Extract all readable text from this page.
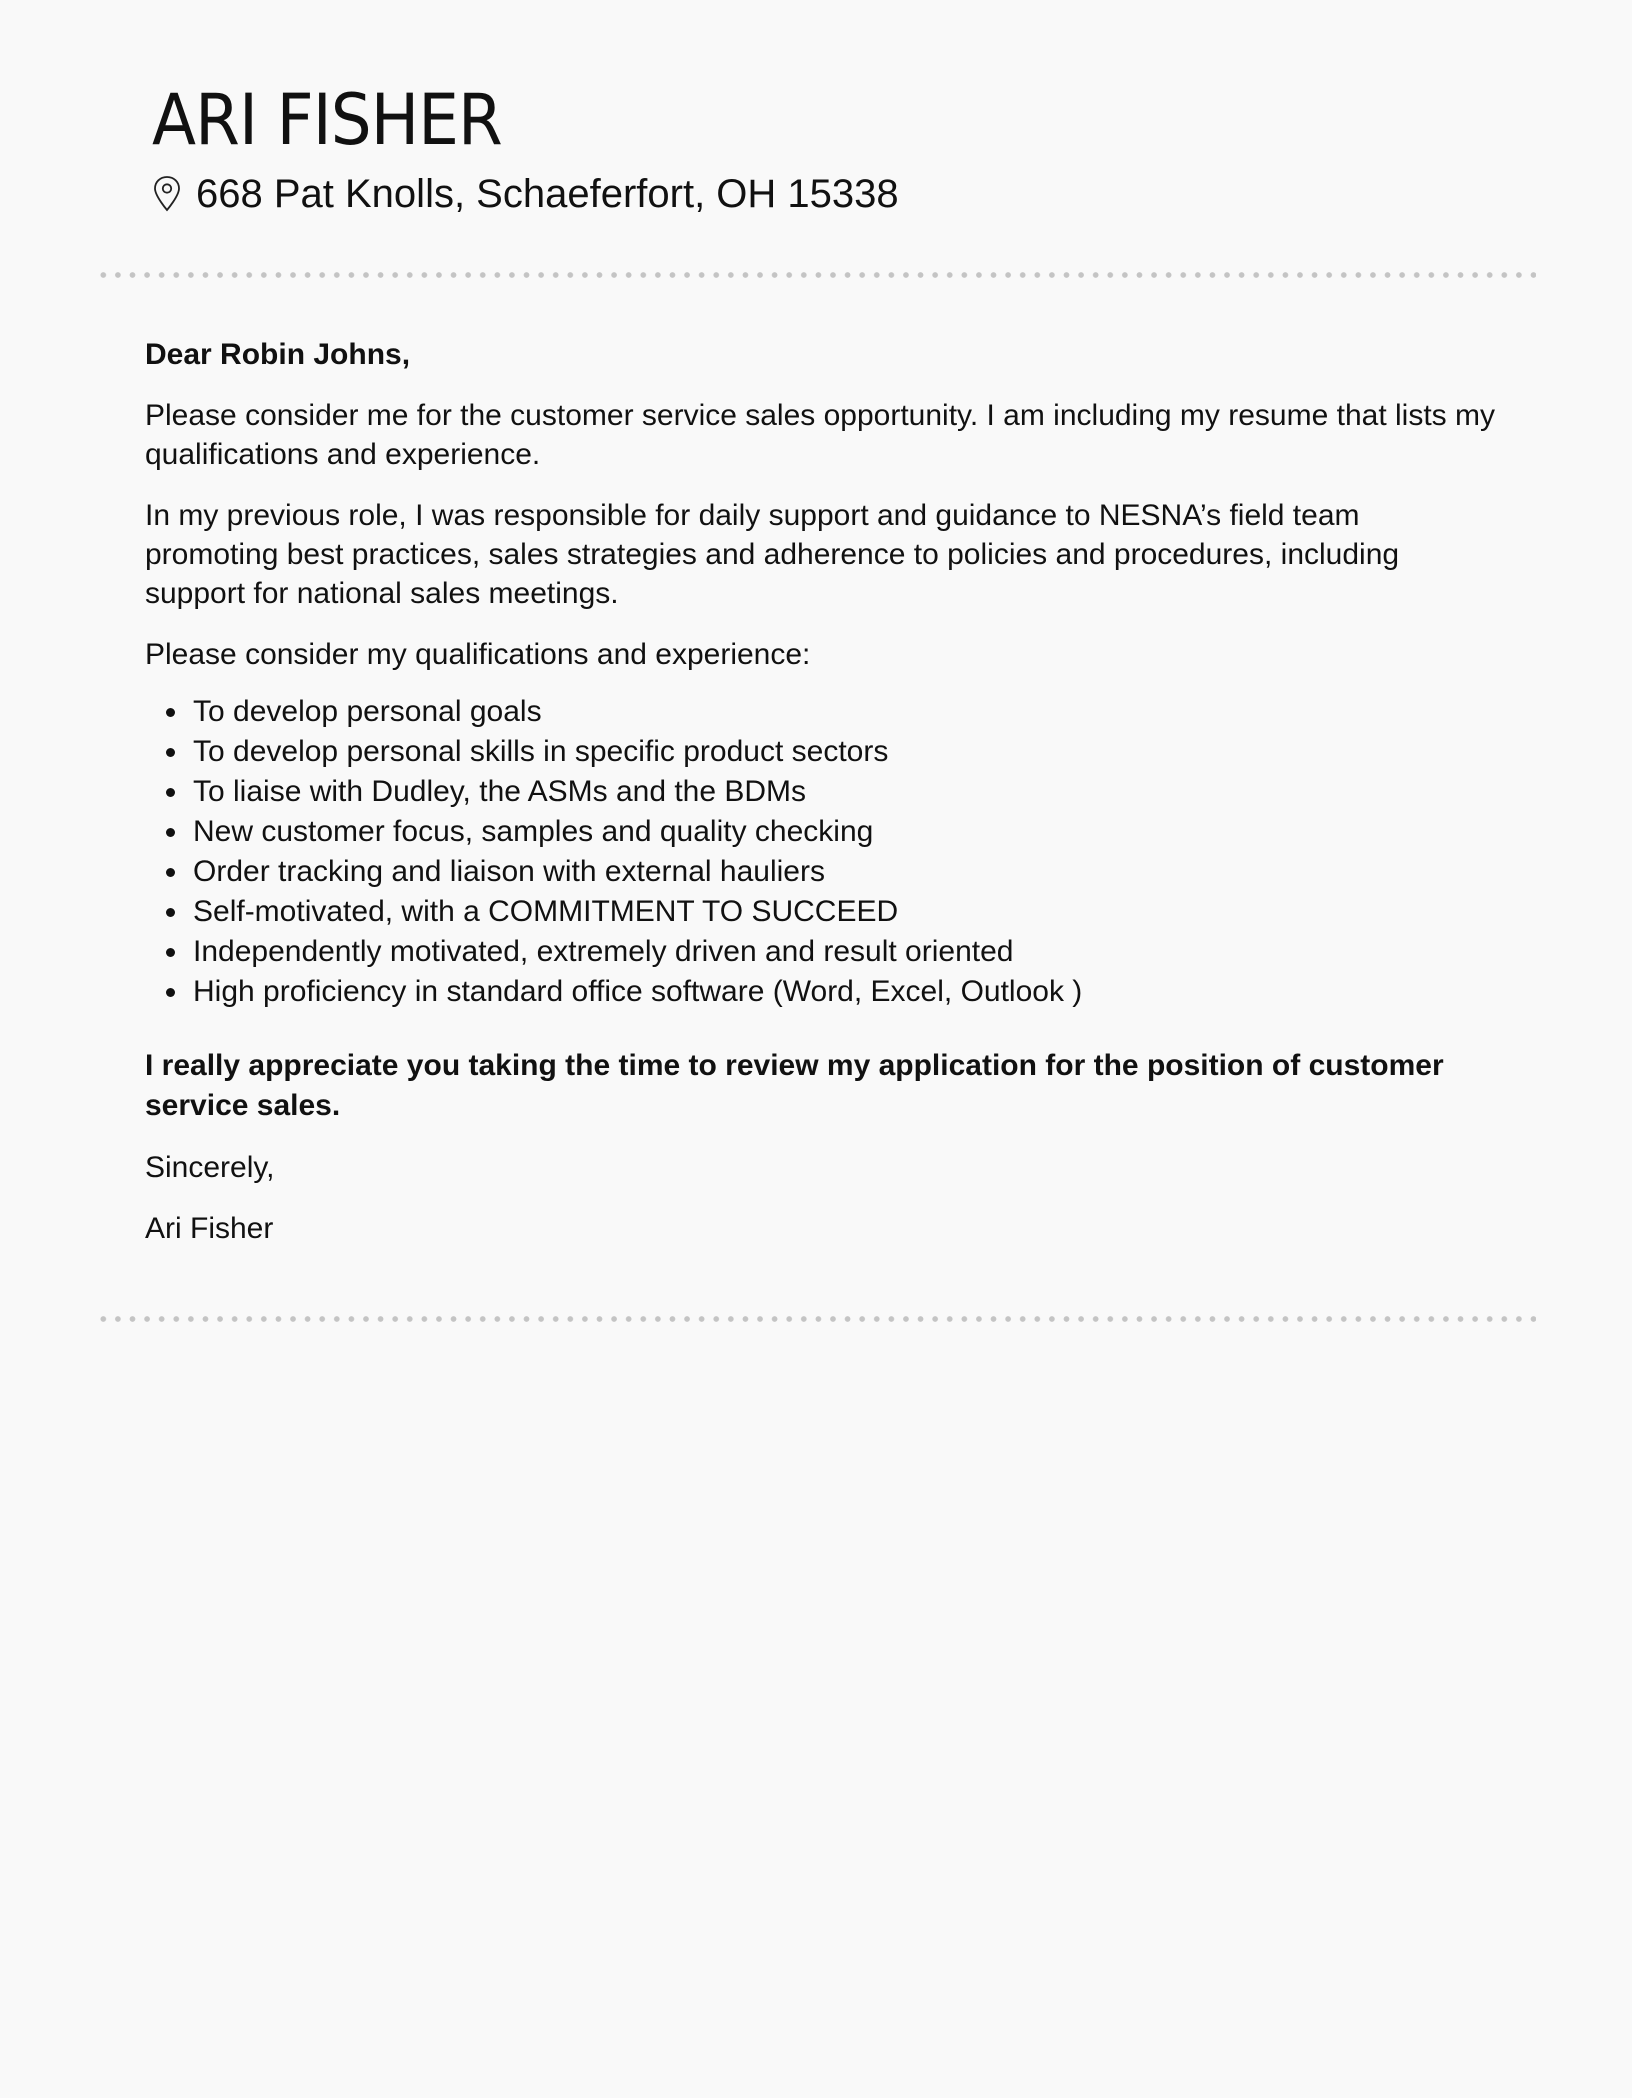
ARI FISHER
668 Pat Knolls, Schaeferfort, OH 15338

Dear Robin Johns,

Please consider me for the customer service sales opportunity. I am including my resume that lists my qualifications and experience.

In my previous role, I was responsible for daily support and guidance to NESNA’s field team promoting best practices, sales strategies and adherence to policies and procedures, including support for national sales meetings.

Please consider my qualifications and experience:

To develop personal goals
To develop personal skills in specific product sectors
To liaise with Dudley, the ASMs and the BDMs
New customer focus, samples and quality checking
Order tracking and liaison with external hauliers
Self-motivated, with a COMMITMENT TO SUCCEED
Independently motivated, extremely driven and result oriented
High proficiency in standard office software (Word, Excel, Outlook )

I really appreciate you taking the time to review my application for the position of customer service sales.

Sincerely,

Ari Fisher
